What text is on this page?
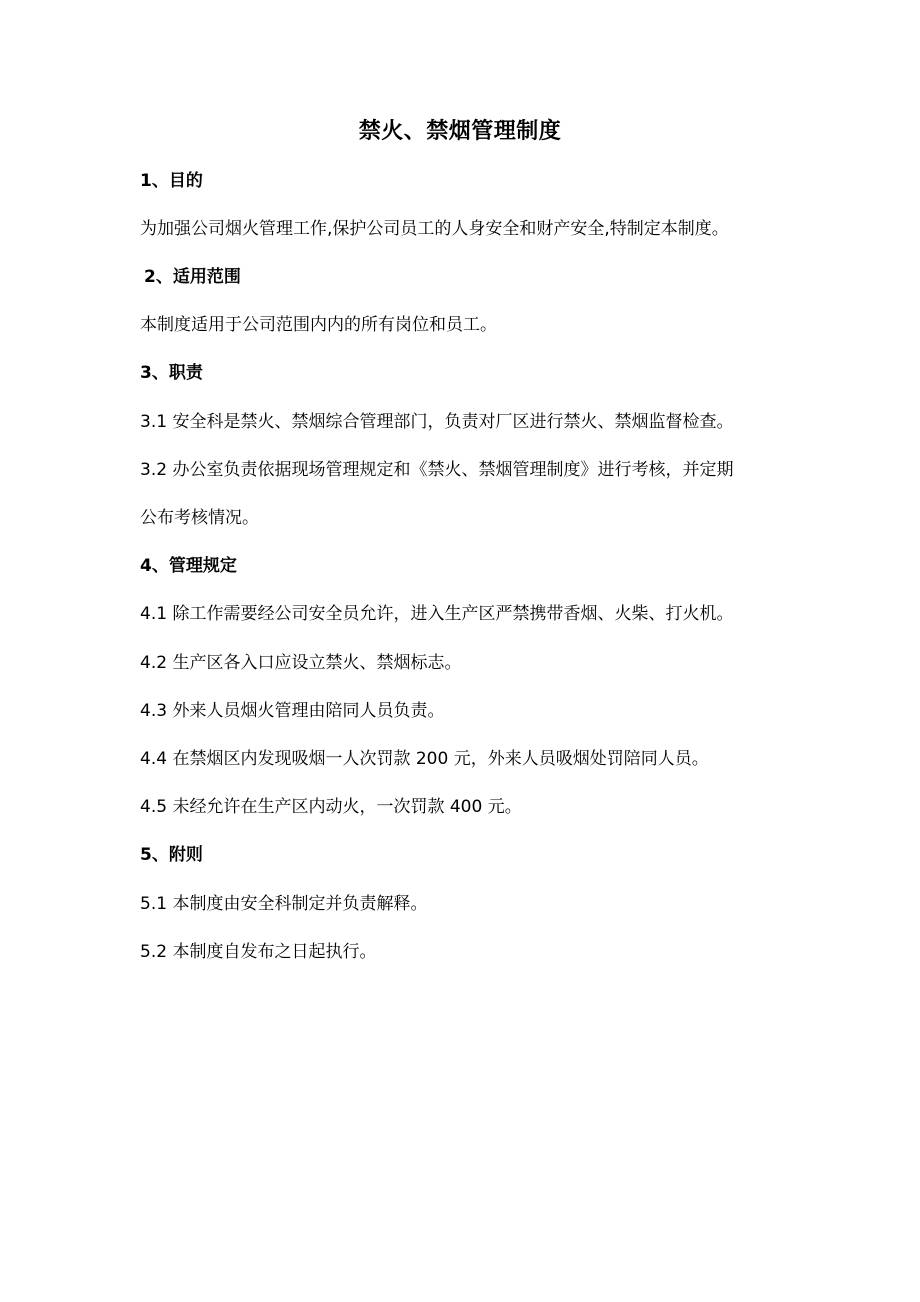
禁火、禁烟管理制度
1、目的
为加强公司烟火管理工作,保护公司员工的人身安全和财产安全,特制定本制度。
2、适用范围
本制度适用于公司范围内内的所有岗位和员工。
3、职责
3.1 安全科是禁火、禁烟综合管理部门，负责对厂区进行禁火、禁烟监督检查。
3.2 办公室负责依据现场管理规定和《禁火、禁烟管理制度》进行考核，并定期
公布考核情况。
4、管理规定
4.1 除工作需要经公司安全员允许，进入生产区严禁携带香烟、火柴、打火机。
4.2 生产区各入口应设立禁火、禁烟标志。
4.3 外来人员烟火管理由陪同人员负责。
4.4 在禁烟区内发现吸烟一人次罚款 200 元，外来人员吸烟处罚陪同人员。
4.5 未经允许在生产区内动火，一次罚款 400 元。
5、附则
5.1 本制度由安全科制定并负责解释。
5.2 本制度自发布之日起执行。
